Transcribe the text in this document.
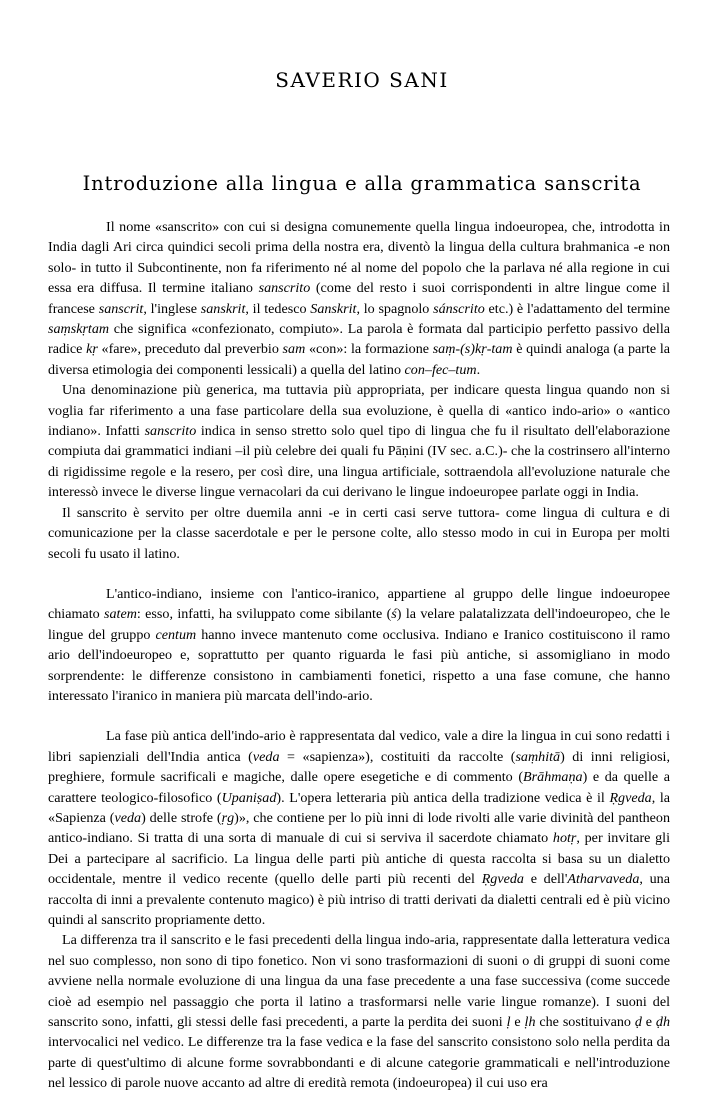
SAVERIO SANI
Introduzione alla lingua e alla grammatica sanscrita

Il nome «sanscrito» con cui si designa comunemente quella lingua indoeuropea, che, introdotta in India dagli Ari circa quindici secoli prima della nostra era, diventò la lingua della cultura brahmanica -e non solo- in tutto il Subcontinente, non fa riferimento né al nome del popolo che la parlava né alla regione in cui essa era diffusa. Il termine italiano sanscrito (come del resto i suoi corrispondenti in altre lingue come il francese sanscrit, l'inglese sanskrit, il tedesco Sanskrit, lo spagnolo sánscrito etc.) è l'adattamento del termine saṃskṛtam che significa «confezionato, compiuto». La parola è formata dal participio perfetto passivo della radice kṛ «fare», preceduto dal preverbio sam «con»: la formazione saṃ-(s)kṛ-tam è quindi analoga (a parte la diversa etimologia dei componenti lessicali) a quella del latino con–fec–tum.

Una denominazione più generica, ma tuttavia più appropriata, per indicare questa lingua quando non si voglia far riferimento a una fase particolare della sua evoluzione, è quella di «antico indo-ario» o «antico indiano». Infatti sanscrito indica in senso stretto solo quel tipo di lingua che fu il risultato dell'elaborazione compiuta dai grammatici indiani –il più celebre dei quali fu Pāṇini (IV sec. a.C.)- che la costrinsero all'interno di rigidissime regole e la resero, per così dire, una lingua artificiale, sottraendola all'evoluzione naturale che interessò invece le diverse lingue vernacolari da cui derivano le lingue indoeuropee parlate oggi in India.

Il sanscrito è servito per oltre duemila anni -e in certi casi serve tuttora- come lingua di cultura e di comunicazione per la classe sacerdotale e per le persone colte, allo stesso modo in cui in Europa per molti secoli fu usato il latino.

L'antico-indiano, insieme con l'antico-iranico, appartiene al gruppo delle lingue indoeuropee chiamato satem: esso, infatti, ha sviluppato come sibilante (ś) la velare palatalizzata dell'indoeuropeo, che le lingue del gruppo centum hanno invece mantenuto come occlusiva. Indiano e Iranico costituiscono il ramo ario dell'indoeuropeo e, soprattutto per quanto riguarda le fasi più antiche, si assomigliano in modo sorprendente: le differenze consistono in cambiamenti fonetici, rispetto a una fase comune, che hanno interessato l'iranico in maniera più marcata dell'indo-ario.

La fase più antica dell'indo-ario è rappresentata dal vedico, vale a dire la lingua in cui sono redatti i libri sapienziali dell'India antica (veda = «sapienza»), costituiti da raccolte (saṃhitā) di inni religiosi, preghiere, formule sacrificali e magiche, dalle opere esegetiche e di commento (Brāhmaṇa) e da quelle a carattere teologico-filosofico (Upaniṣad). L'opera letteraria più antica della tradizione vedica è il Ṛgveda, la «Sapienza (veda) delle strofe (ṛg)», che contiene per lo più inni di lode rivolti alle varie divinità del pantheon antico-indiano. Si tratta di una sorta di manuale di cui si serviva il sacerdote chiamato hotṛ, per invitare gli Dei a partecipare al sacrificio. La lingua delle parti più antiche di questa raccolta si basa su un dialetto occidentale, mentre il vedico recente (quello delle parti più recenti del Ṛgveda e dell'Atharvaveda, una raccolta di inni a prevalente contenuto magico) è più intriso di tratti derivati da dialetti centrali ed è più vicino quindi al sanscrito propriamente detto.

La differenza tra il sanscrito e le fasi precedenti della lingua indo-aria, rappresentate dalla letteratura vedica nel suo complesso, non sono di tipo fonetico. Non vi sono trasformazioni di suoni o di gruppi di suoni come avviene nella normale evoluzione di una lingua da una fase precedente a una fase successiva (come succede cioè ad esempio nel passaggio che porta il latino a trasformarsi nelle varie lingue romanze). I suoni del sanscrito sono, infatti, gli stessi delle fasi precedenti, a parte la perdita dei suoni ḷ e ḷh che sostituivano ḍ e ḍh intervocalici nel vedico. Le differenze tra la fase vedica e la fase del sanscrito consistono solo nella perdita da parte di quest'ultimo di alcune forme sovrabbondanti e di alcune categorie grammaticali e nell'introduzione nel lessico di parole nuove accanto ad altre di eredità remota (indoeuropea) il cui uso era
